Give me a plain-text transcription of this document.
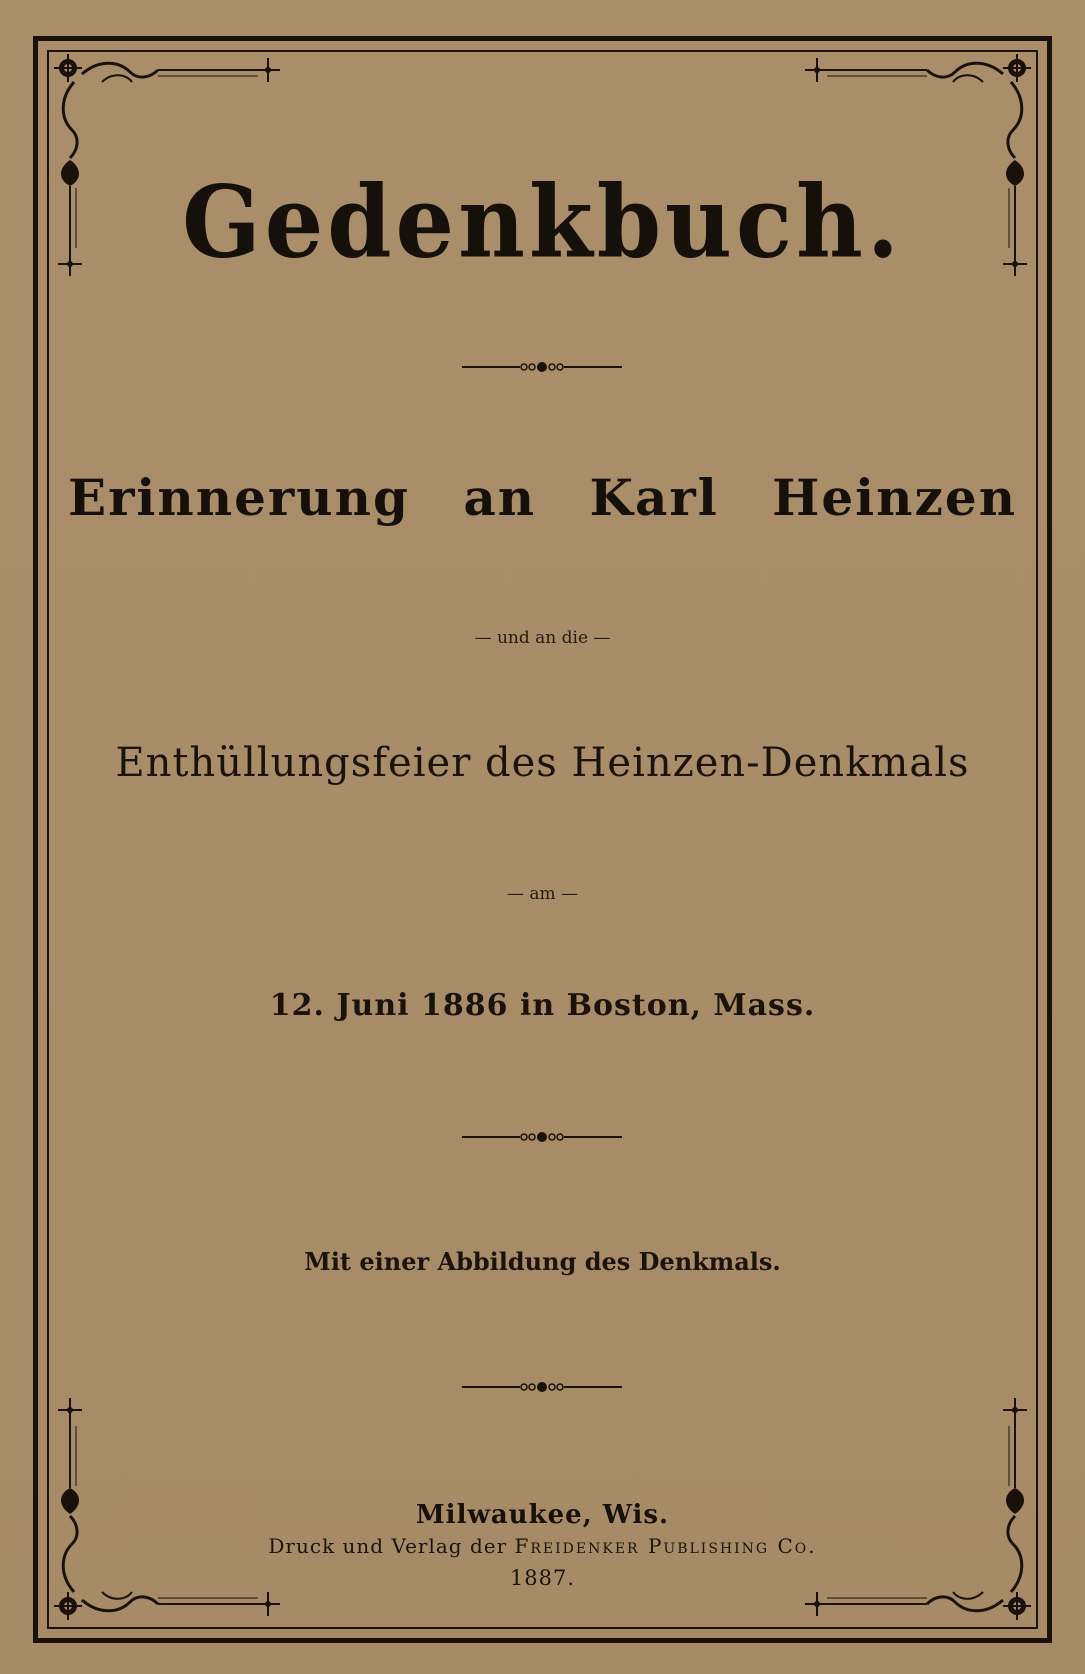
Gedenkbuch.
Erinnerung an Karl Heinzen
— und an die —
Enthüllungsfeier des Heinzen-Denkmals
— am —
12. Juni 1886 in Boston, Mass.
Mit einer Abbildung des Denkmals.
Milwaukee, Wis.
Druck und Verlag der Freidenker Publishing Co.
1887.
